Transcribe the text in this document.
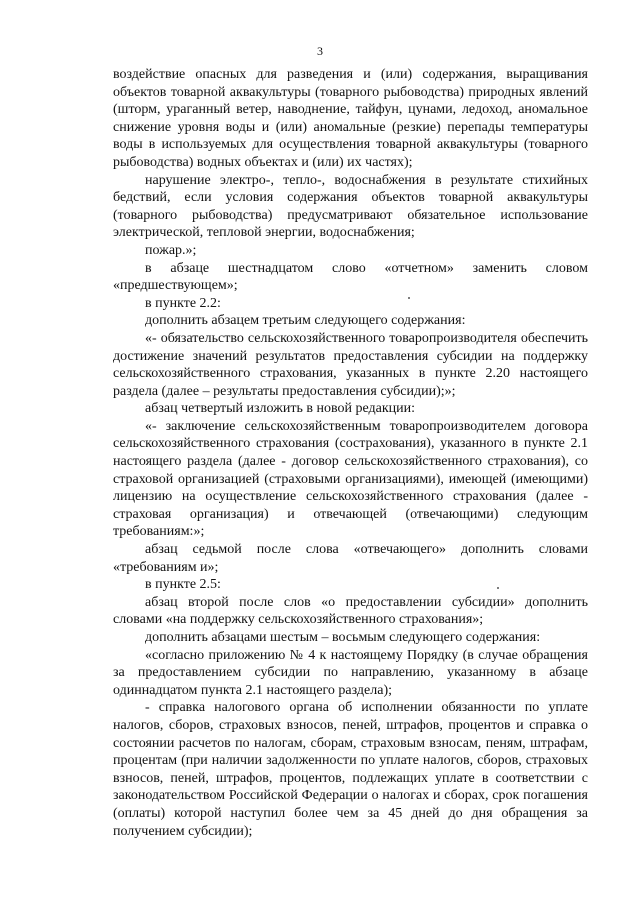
3

воздействие опасных для разведения и (или) содержания, выращивания объектов товарной аквакультуры (товарного рыбоводства) природных явлений (шторм, ураганный ветер, наводнение, тайфун, цунами, ледоход, аномальное снижение уровня воды и (или) аномальные (резкие) перепады температуры воды в используемых для осуществления товарной аквакультуры (товарного рыбоводства) водных объектах и (или) их частях);

нарушение электро-, тепло-, водоснабжения в результате стихийных бедствий, если условия содержания объектов товарной аквакультуры (товарного рыбоводства) предусматривают обязательное использование электрической, тепловой энергии, водоснабжения;

пожар.»;

в абзаце шестнадцатом слово «отчетном» заменить словом «предшествующем»;

в пункте 2.2:

дополнить абзацем третьим следующего содержания:

«- обязательство сельскохозяйственного товаропроизводителя обеспечить достижение значений результатов предоставления субсидии на поддержку сельскохозяйственного страхования, указанных в пункте 2.20 настоящего раздела (далее – результаты предоставления субсидии);»;

абзац четвертый изложить в новой редакции:

«- заключение сельскохозяйственным товаропроизводителем договора сельскохозяйственного страхования (сострахования), указанного в пункте 2.1 настоящего раздела (далее - договор сельскохозяйственного страхования), со страховой организацией (страховыми организациями), имеющей (имеющими) лицензию на осуществление сельскохозяйственного страхования (далее - страховая организация) и отвечающей (отвечающими) следующим требованиям:»;

абзац седьмой после слова «отвечающего» дополнить словами «требованиям и»;

в пункте 2.5:

абзац второй после слов «о предоставлении субсидии» дополнить словами «на поддержку сельскохозяйственного страхования»;

дополнить абзацами шестым – восьмым следующего содержания:

«согласно приложению № 4 к настоящему Порядку (в случае обращения за предоставлением субсидии по направлению, указанному в абзаце одиннадцатом пункта 2.1 настоящего раздела);

- справка налогового органа об исполнении обязанности по уплате налогов, сборов, страховых взносов, пеней, штрафов, процентов и справка о состоянии расчетов по налогам, сборам, страховым взносам, пеням, штрафам, процентам (при наличии задолженности по уплате налогов, сборов, страховых взносов, пеней, штрафов, процентов, подлежащих уплате в соответствии с законодательством Российской Федерации о налогах и сборах, срок погашения (оплаты) которой наступил более чем за 45 дней до дня обращения за получением субсидии);
